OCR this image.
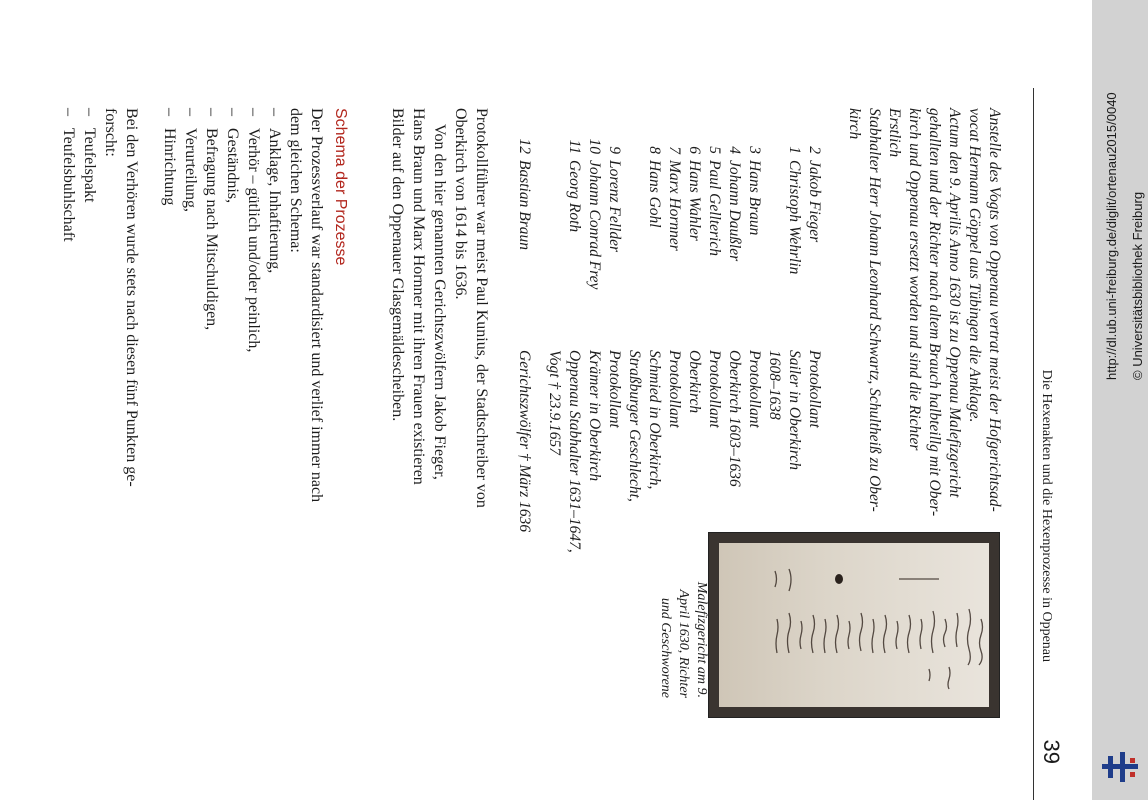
Die Hexenakten und die Hexenprozesse in Oppenau
39
Anstelle des Vogts von Oppenau vertrat meist der Hofgerichtsad-
vocat Hermann Göppel aus Tübingen die Anklage.
Actum den 9. Aprilis Anno 1630 ist zu Oppenau Malefizgericht
gehallten und der Richter nach altem Brauch halbteillg mit Ober-
kirch und Oppenau ersetzt worden und sind die Richter
Erstlich
Stabhalter Herr Johann Leonhard Schwartz, Schultheiß zu Ober-
kirch
2Jakob FiegerProtokollant
1Christoph WehrlinSailer in Oberkirch
1608–1638
3Hans BraunProtokollant
4Johann DaußlerOberkirch 1603–1636
5Paul GellterichProtokollant
6Hans WahlerOberkirch
7Marx HornnerProtokollant
8Hans GohlSchmied in Oberkirch,
Straßburger Geschlecht,
9Lorenz FellderProtokollant
10Johann Conrad FreyKrämer in Oberkirch
11Georg RothOppenau Stabhalter 1631–1647,
Vogt † 23.9.1657
12Bastian BraunGerichtszwölfer † März 1636
Malefizgericht am 9.
April 1630, Richter
und Geschworene
Protokollführer war meist Paul Kunius, der Stadtschreiber von
Oberkirch von 1614 bis 1636.
Von den hier genannten Gerichtszwölfern Jakob Fieger,
Hans Braun und Marx Hornner mit ihren Frauen existieren
Bilder auf den Oppenauer Glasgemäldescheiben.
Schema der Prozesse
Der Prozessverlauf war standardisiert und verlief immer nach
dem gleichen Schema:
–Anklage, Inhaftierung,
–Verhör – gütlich und/oder peinlich,
–Geständnis,
–Befragung nach Mitschuldigen,
–Verurteilung,
–Hinrichtung
Bei den Verhören wurde stets nach diesen fünf Punkten ge-
forscht:
–Teufelspakt
–Teufelsbuhlschaft	http://dl.ub.uni-freiburg.de/diglit/ortenau2015/0040 © Universitätsbibliothek Freiburg
